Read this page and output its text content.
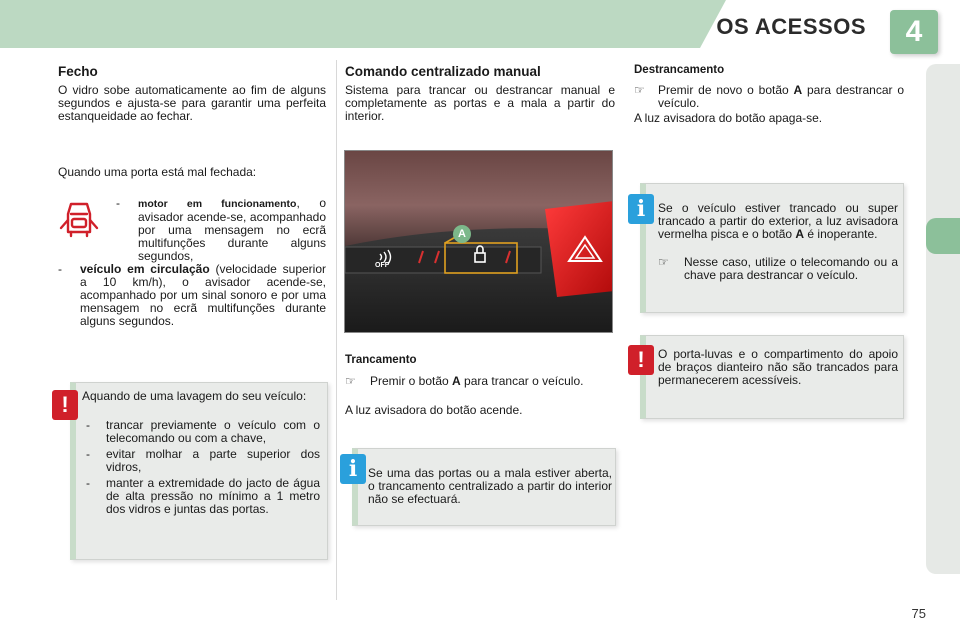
OS ACESSOS	4
Fecho
O vidro sobe automaticamente ao fim de alguns segundos e ajusta-se para garantir uma perfeita estanqueidade ao fechar.
Quando uma porta está mal fechada:
-	motor em funcionamento, o avisador acende-se, acompanhado por uma mensagem no ecrã multifunções durante alguns segundos,
-	veículo em circulação (velocidade superior a 10 km/h), o avisador acende-se, acompanhado por um sinal sonoro e por uma mensagem no ecrã multifunções durante alguns segundos.
Aquando de uma lavagem do seu veículo:
- trancar previamente o veículo com o telecomando ou com a chave,
- evitar molhar a parte superior dos vidros,
- manter a extremidade do jacto de água de alta pressão no mínimo a 1 metro dos vidros e juntas das portas.
!
Comando centralizado manual
Sistema para trancar ou destrancar manual e completamente as portas e a mala a partir do interior.
A
OFF
Trancamento
☞	Premir o botão A para trancar o veículo.
A luz avisadora do botão acende.
Se uma das portas ou a mala estiver aberta, o trancamento centralizado a partir do interior não se efectuará.
i
Destrancamento
☞	Premir de novo o botão A para destrancar o veículo.
A luz avisadora do botão apaga-se.
Se o veículo estiver trancado ou super trancado a partir do exterior, a luz avisadora vermelha pisca e o botão A é inoperante.
☞	Nesse caso, utilize o telecomando ou a chave para destrancar o veículo.
i
O porta-luvas e o compartimento do apoio de braços dianteiro não são trancados para permanecerem acessíveis.
!
75
